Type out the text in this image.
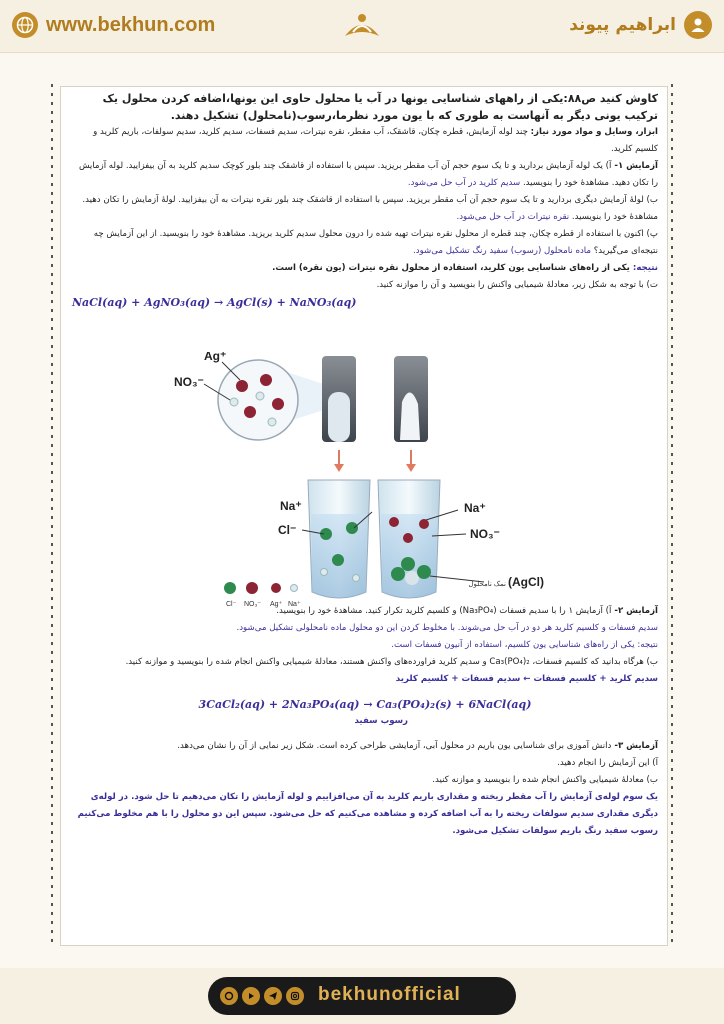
www.bekhun.com	ابراهیم پیوند

کاوش کنید ص۸۸:یکی از راههای شناسایی یونها در آب یا محلول حاوی این یونها،اضافه کردن محلول یک ترکیب یونی دیگر به آنهاست به طوری که با یون مورد نظرما،رسوب(نامحلول) تشکیل دهند.

ابزار، وسایل و مواد مورد نیاز: چند لوله آزمایش، قطره چکان، قاشقک، آب مقطر، نقره نیترات، سدیم فسفات، سدیم کلرید، سدیم سولفات، باریم کلرید و کلسیم کلرید.

آزمایش ۱- آ) یک لوله آزمایش بردارید و تا یک سوم حجم آن آب مقطر بریزید. سپس با استفاده از قاشقک چند بلور کوچک سدیم کلرید به آن بیفزایید. لوله آزمایش را تکان دهید. مشاهدهٔ خود را بنویسید. سدیم کلرید در آب حل می‌شود.

ب) لولهٔ آزمایش دیگری بردارید و تا یک سوم حجم آن آب مقطر بریزید. سپس با استفاده از قاشقک چند بلور نقره نیترات به آن بیفزایید. لولهٔ آزمایش را تکان دهید. مشاهدهٔ خود را بنویسید. نقره نیترات در آب حل می‌شود.

پ) اکنون با استفاده از قطره چکان، چند قطره از محلول نقره نیترات تهیه شده را درون محلول سدیم کلرید بریزید. مشاهدهٔ خود را بنویسید. از این آزمایش چه نتیجه‌ای می‌گیرید؟ ماده نامحلول (رسوب) سفید رنگ تشکیل می‌شود.

نتیجه: یکی از راه‌های شناسایی یون کلرید، استفاده از محلول نقره نیترات (یون نقره) است.

ت) با توجه به شکل زیر، معادلهٔ شیمیایی واکنش را بنویسید و آن را موازنه کنید.

NaCl(aq) + AgNO₃(aq) → AgCl(s) + NaNO₃(aq)

آزمایش ۲- آ) آزمایش ۱ را با سدیم فسفات (Na₃PO₄) و کلسیم کلرید تکرار کنید. مشاهدهٔ خود را بنویسید.

سدیم فسفات و کلسیم کلرید هر دو در آب حل می‌شوند. با مخلوط کردن این دو محلول ماده نامحلولی تشکیل می‌شود.

نتیجه: یکی از راه‌های شناسایی یون کلسیم، استفاده از آنیون فسفات است.

ب) هرگاه بدانید که کلسیم فسفات، Ca₃(PO₄)₂ و سدیم کلرید فراورده‌های واکنش هستند، معادلهٔ شیمیایی واکنش انجام شده را بنویسید و موازنه کنید.

سدیم کلرید + کلسیم فسفات ← سدیم فسفات + کلسیم کلرید

3CaCl₂(aq) + 2Na₃PO₄(aq) → Ca₃(PO₄)₂(s) + 6NaCl(aq)

رسوب سفید

آزمایش ۳- دانش آموزی برای شناسایی یون باریم در محلول آبی، آزمایشی طراحی کرده است. شکل زیر نمایی از آن را نشان می‌دهد.

آ) این آزمایش را انجام دهید.

ب) معادلهٔ شیمیایی واکنش انجام شده را بنویسید و موازنه کنید.

یک سوم لوله‌ی آزمایش را آب مقطر ریخته و مقداری باریم کلرید به آن می‌افزاییم و لوله آزمایش را تکان می‌دهیم تا حل شود. در لوله‌ی دیگری مقداری سدیم سولفات ریخته را به آب اضافه کرده و مشاهده می‌کنیم که حل می‌شود. سپس این دو محلول را با هم مخلوط می‌کنیم رسوب سفید رنگ باریم سولفات تشکیل می‌شود.

Ag⁺
NO₃⁻
Na⁺
Cl⁻
Na⁺
NO₃⁻
(AgCl)
نمک نامحلول
Cl⁻ NO₃⁻ Ag⁺ Na⁺
bekhunofficial
